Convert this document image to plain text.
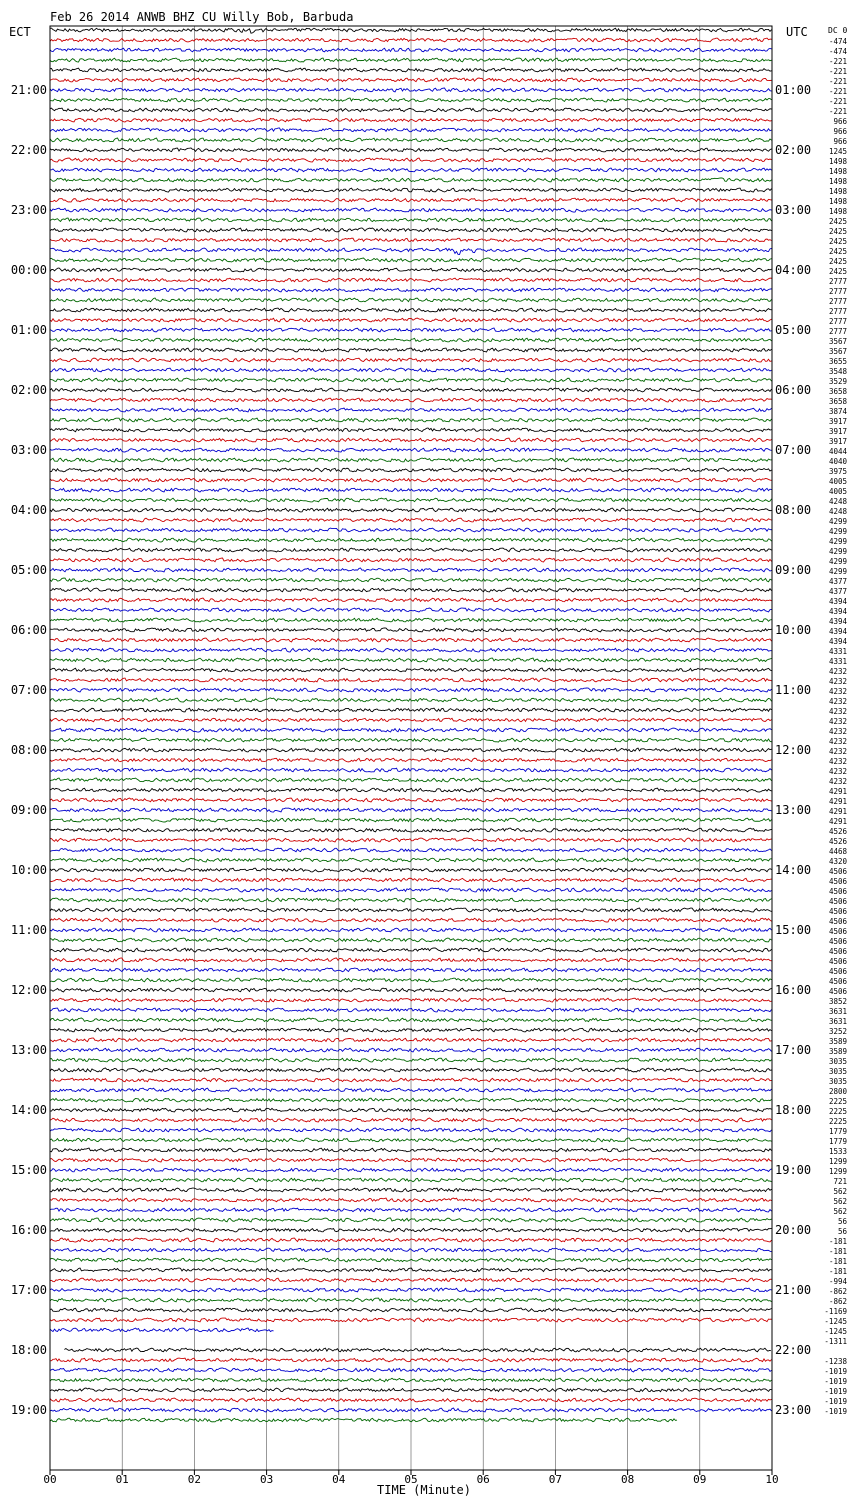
Feb 26 2014 ANWB BHZ CU Willy Bob, Barbuda
ECT	UTC	DC 0
21:00
22:00
23:00
00:00
01:00
02:00
03:00
04:00
05:00
06:00
07:00
08:00
09:00
10:00
11:00
12:00
13:00
14:00
15:00
16:00
17:00
18:00
19:00
01:00
02:00
03:00
04:00
05:00
06:00
07:00
08:00
09:00
10:00
11:00
12:00
13:00
14:00
15:00
16:00
17:00
18:00
19:00
20:00
21:00
22:00
23:00
-474
-474
-221
-221
-221
-221
-221
-221
966
966
966
1245
1498
1498
1498
1498
1498
1498
2425
2425
2425
2425
2425
2425
2777
2777
2777
2777
2777
2777
3567
3567
3655
3548
3529
3658
3658
3874
3917
3917
3917
4044
4040
3975
4005
4005
4248
4248
4299
4299
4299
4299
4299
4299
4377
4377
4394
4394
4394
4394
4394
4331
4331
4232
4232
4232
4232
4232
4232
4232
4232
4232
4232
4232
4232
4291
4291
4291
4291
4526
4526
4468
4320
4506
4506
4506
4506
4506
4506
4506
4506
4506
4506
4506
4506
4506
3852
3631
3631
3252
3589
3589
3035
3035
3035
2800
2225
2225
2225
1779
1779
1533
1299
1299
721
562
562
562
56
56
-181
-181
-181
-181
-994
-862
-862
-1169
-1245
-1245
-1311
-1238
-1019
-1019
-1019
-1019
-1019
00	01	02	03	04	05	06	07	08	09	10
TIME (Minute)
